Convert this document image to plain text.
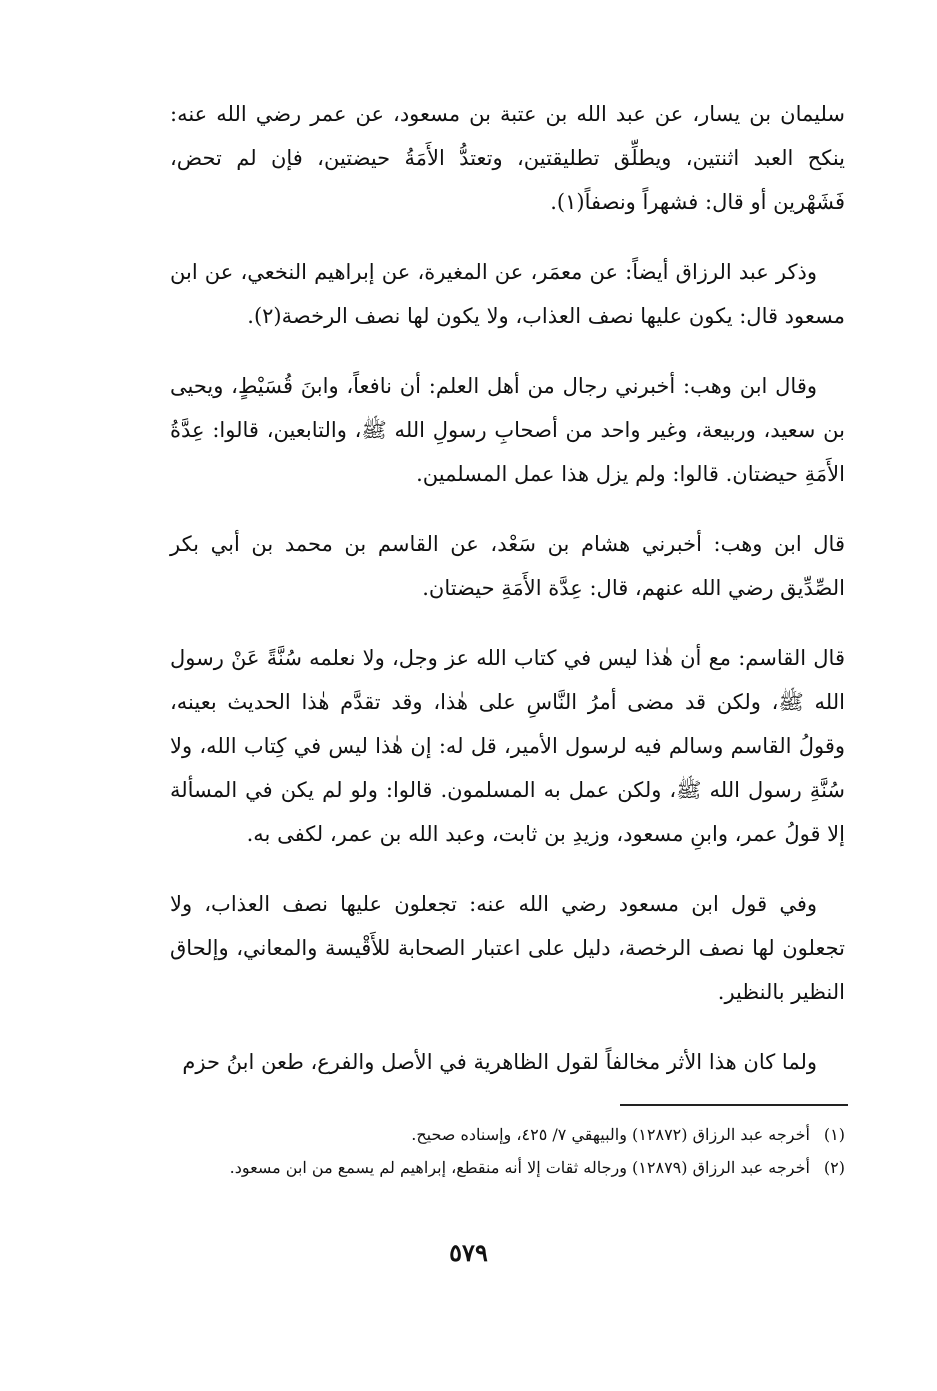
سليمان بن يسار، عن عبد الله بن عتبة بن مسعود، عن عمر رضي الله عنه: ينكح العبد اثنتين، ويطلِّق تطليقتين، وتعتدُّ الأَمَةُ حيضتين، فإن لم تحض، فَشَهْرين أو قال: فشهراً ونصفاً(١).

وذكر عبد الرزاق أيضاً: عن معمَر، عن المغيرة، عن إبراهيم النخعي، عن ابن مسعود قال: يكون عليها نصف العذاب، ولا يكون لها نصف الرخصة(٢).

وقال ابن وهب: أخبرني رجال من أهل العلم: أن نافعاً، وابنَ قُسَيْطٍ، ويحيى بن سعيد، وربيعة، وغير واحد من أصحابِ رسولِ الله ﷺ، والتابعين، قالوا: عِدَّةُ الأَمَةِ حيضتان. قالوا: ولم يزل هذا عمل المسلمين.

قال ابن وهب: أخبرني هشام بن سَعْد، عن القاسم بن محمد بن أبي بكر الصِّدِّيق رضي الله عنهم، قال: عِدَّة الأَمَةِ حيضتان.

قال القاسم: مع أن هٰذا ليس في كتاب الله عز وجل، ولا نعلمه سُنَّةً عَنْ رسول الله ﷺ، ولكن قد مضى أمرُ النَّاسِ على هٰذا، وقد تقدَّم هٰذا الحديث بعينه، وقولُ القاسم وسالم فيه لرسول الأمير، قل له: إن هٰذا ليس في كِتاب الله، ولا سُنَّةِ رسول الله ﷺ، ولكن عمل به المسلمون. قالوا: ولو لم يكن في المسألة إلا قولُ عمر، وابنِ مسعود، وزيدِ بن ثابت، وعبد الله بن عمر، لكفى به.

وفي قول ابن مسعود رضي الله عنه: تجعلون عليها نصف العذاب، ولا تجعلون لها نصف الرخصة، دليل على اعتبار الصحابة للأَقْيسة والمعاني، وإلحاق النظير بالنظير.

ولما كان هذا الأثر مخالفاً لقول الظاهرية في الأصل والفرع، طعن ابنُ حزم

(١)
أخرجه عبد الرزاق (١٢٨٧٢) والبيهقي ٧/ ٤٢٥، وإسناده صحيح.
(٢)
أخرجه عبد الرزاق (١٢٨٧٩) ورجاله ثقات إلا أنه منقطع، إبراهيم لم يسمع من ابن مسعود.
٥٧٩
